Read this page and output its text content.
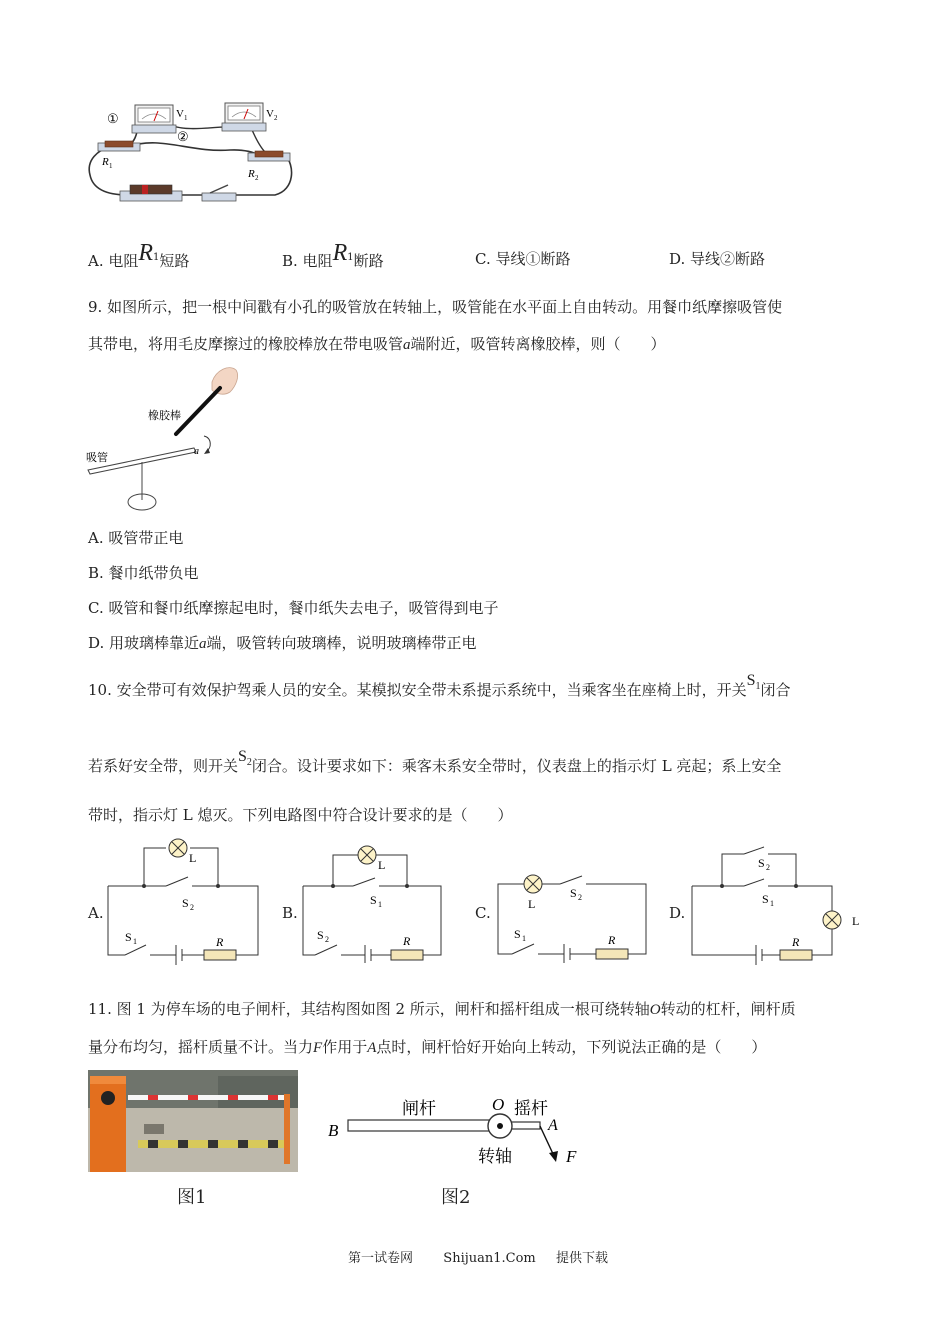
①
②
V 1	V 2
R 1
R 2
A. 电阻$R^1$短路	B. 电阻$R^1$断路	C. 导线①断路	D. 导线②断路
9. 如图所示，把一根中间戳有小孔的吸管放在转轴上，吸管能在水平面上自由转动。用餐巾纸摩擦吸管使
其带电，将用毛皮摩擦过的橡胶棒放在带电吸管a端附近，吸管转离橡胶棒，则（　　）
橡胶棒
吸管
a
A. 吸管带正电
B. 餐巾纸带负电
C. 吸管和餐巾纸摩擦起电时，餐巾纸失去电子，吸管得到电子
D. 用玻璃棒靠近a端，吸管转向玻璃棒，说明玻璃棒带正电
10. 安全带可有效保护驾乘人员的安全。某模拟安全带未系提示系统中，当乘客坐在座椅上时，开关$S_1$闭合
若系好安全带，则开关$S_2$闭合。设计要求如下：乘客未系安全带时，仪表盘上的指示灯 L 亮起；系上安全
带时，指示灯 L 熄灭。下列电路图中符合设计要求的是（　　）
A.
L
S 2
S 1	R
B.
L
S 1
S 2	R
C.	L
S 2
S 1	R
D.	L
S 2
S 1
R
11. 图 1 为停车场的电子闸杆，其结构图如图 2 所示，闸杆和摇杆组成一根可绕转轴O转动的杠杆，闸杆质
量分布均匀，摇杆质量不计。当力F作用于A点时，闸杆恰好开始向上转动，下列说法正确的是（　　）
图1
B
闸杆	O 摇杆
A
转轴	F
图2
第一试卷网 Shijuan1.Com 提供下载
